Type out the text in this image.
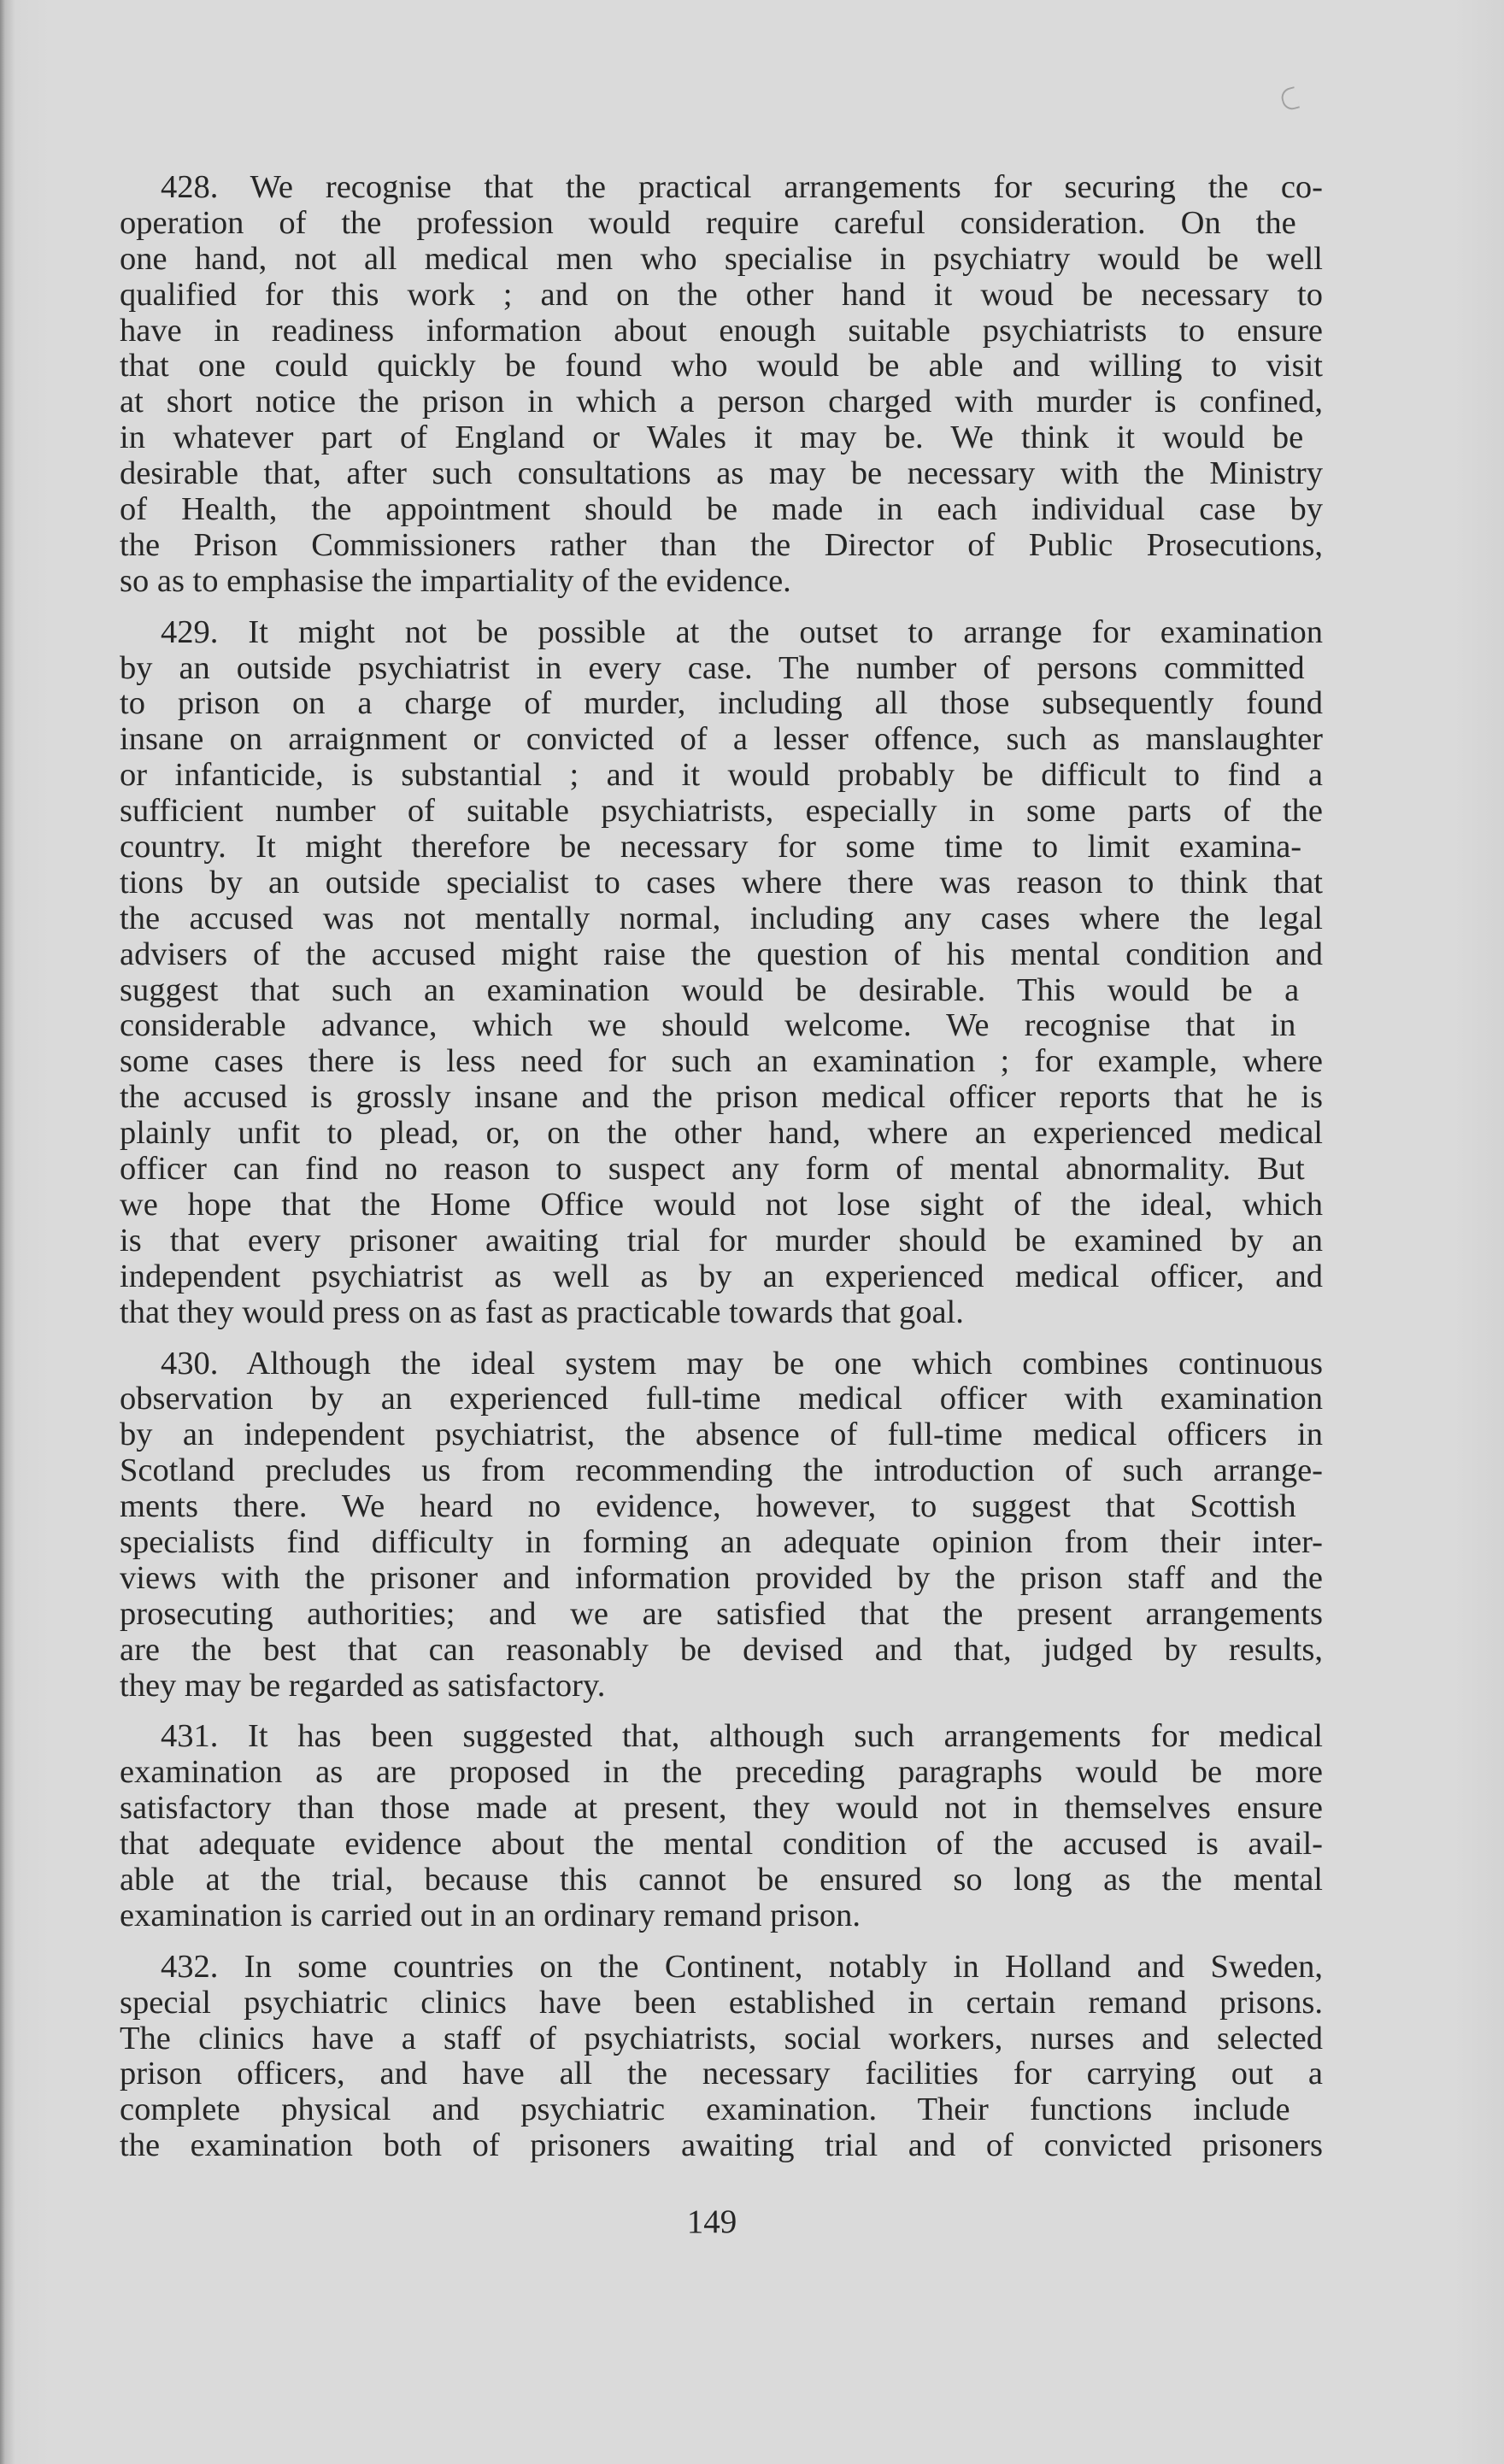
428. We recognise that the practical arrangements for securing the co-
operation of the profession would require careful consideration. On the
one hand, not all medical men who specialise in psychiatry would be well
qualified for this work ; and on the other hand it woud be necessary to
have in readiness information about enough suitable psychiatrists to ensure
that one could quickly be found who would be able and willing to visit
at short notice the prison in which a person charged with murder is confined,
in whatever part of England or Wales it may be. We think it would be
desirable that, after such consultations as may be necessary with the Ministry
of Health, the appointment should be made in each individual case by
the Prison Commissioners rather than the Director of Public Prosecutions,
so as to emphasise the impartiality of the evidence.
429. It might not be possible at the outset to arrange for examination
by an outside psychiatrist in every case. The number of persons committed
to prison on a charge of murder, including all those subsequently found
insane on arraignment or convicted of a lesser offence, such as manslaughter
or infanticide, is substantial ; and it would probably be difficult to find a
sufficient number of suitable psychiatrists, especially in some parts of the
country. It might therefore be necessary for some time to limit examina-
tions by an outside specialist to cases where there was reason to think that
the accused was not mentally normal, including any cases where the legal
advisers of the accused might raise the question of his mental condition and
suggest that such an examination would be desirable. This would be a
considerable advance, which we should welcome. We recognise that in
some cases there is less need for such an examination ; for example, where
the accused is grossly insane and the prison medical officer reports that he is
plainly unfit to plead, or, on the other hand, where an experienced medical
officer can find no reason to suspect any form of mental abnormality. But
we hope that the Home Office would not lose sight of the ideal, which
is that every prisoner awaiting trial for murder should be examined by an
independent psychiatrist as well as by an experienced medical officer, and
that they would press on as fast as practicable towards that goal.
430. Although the ideal system may be one which combines continuous
observation by an experienced full-time medical officer with examination
by an independent psychiatrist, the absence of full-time medical officers in
Scotland precludes us from recommending the introduction of such arrange-
ments there. We heard no evidence, however, to suggest that Scottish
specialists find difficulty in forming an adequate opinion from their inter-
views with the prisoner and information provided by the prison staff and the
prosecuting authorities; and we are satisfied that the present arrangements
are the best that can reasonably be devised and that, judged by results,
they may be regarded as satisfactory.
431. It has been suggested that, although such arrangements for medical
examination as are proposed in the preceding paragraphs would be more
satisfactory than those made at present, they would not in themselves ensure
that adequate evidence about the mental condition of the accused is avail-
able at the trial, because this cannot be ensured so long as the mental
examination is carried out in an ordinary remand prison.
432. In some countries on the Continent, notably in Holland and Sweden,
special psychiatric clinics have been established in certain remand prisons.
The clinics have a staff of psychiatrists, social workers, nurses and selected
prison officers, and have all the necessary facilities for carrying out a
complete physical and psychiatric examination. Their functions include
the examination both of prisoners awaiting trial and of convicted prisoners
149
